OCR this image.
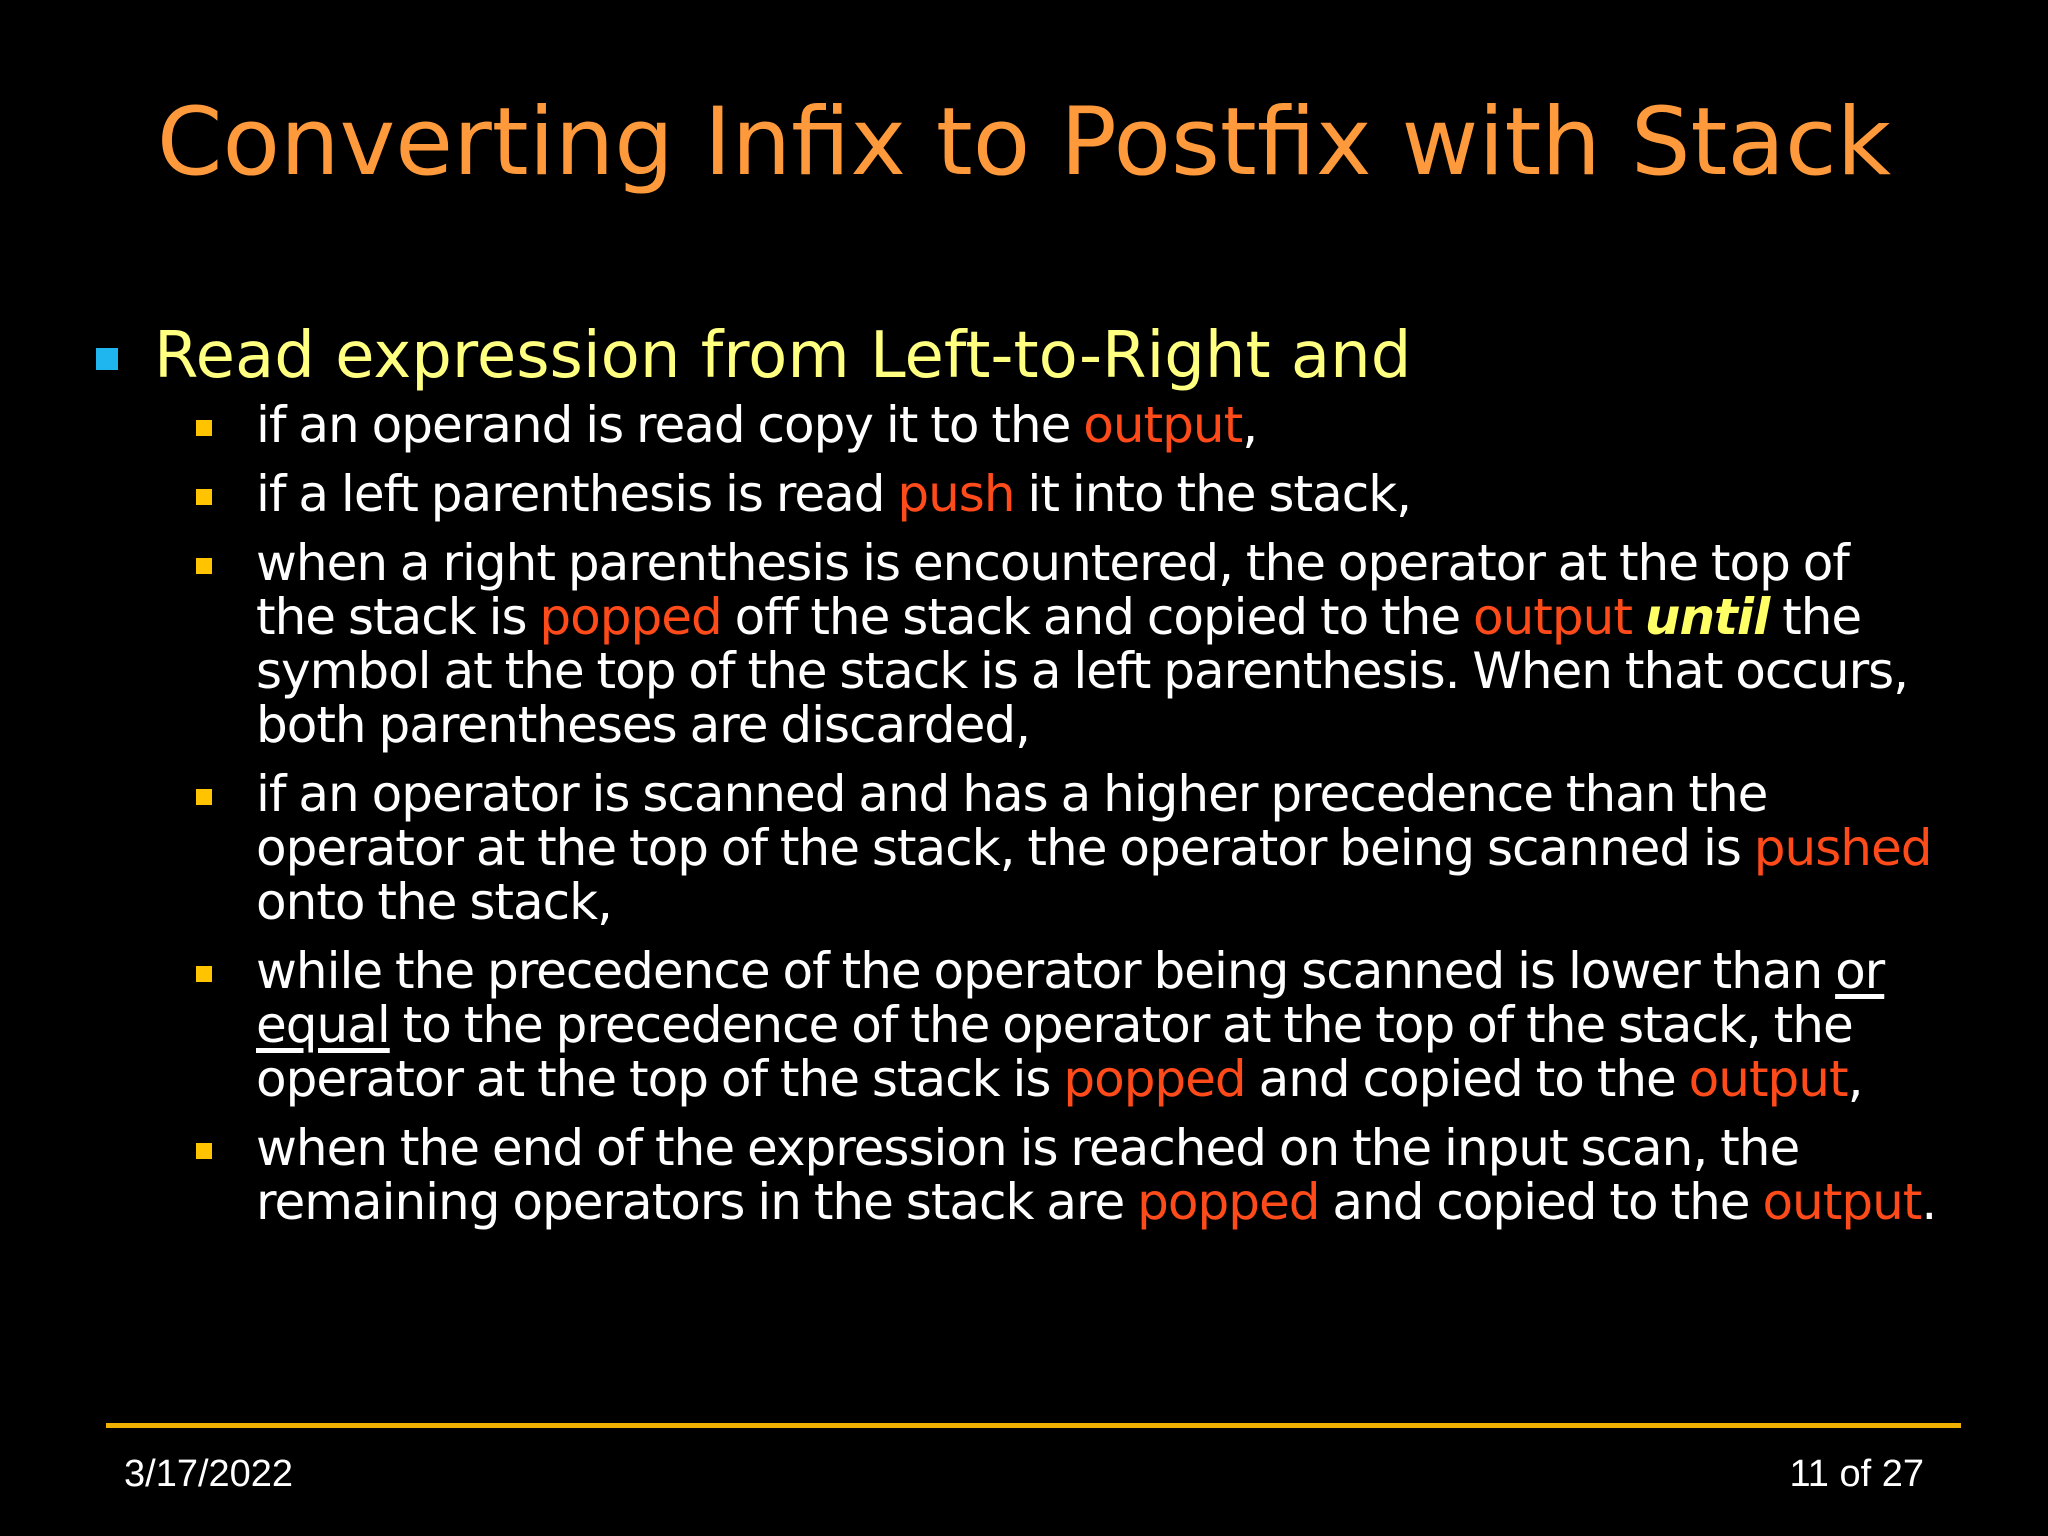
Converting Infix to Postfix with Stack
Read expression from Left-to-Right and
if an operand is read copy it to the output,
if a left parenthesis is read push it into the stack,
when a right parenthesis is encountered, the operator at the top of
the stack is popped off the stack and copied to the output until the
symbol at the top of the stack is a left parenthesis. When that occurs,
both parentheses are discarded,
if an operator is scanned and has a higher precedence than the
operator at the top of the stack, the operator being scanned is pushed
onto the stack,
while the precedence of the operator being scanned is lower than or
equal to the precedence of the operator at the top of the stack, the
operator at the top of the stack is popped and copied to the output,
when the end of the expression is reached on the input scan, the
remaining operators in the stack are popped and copied to the output.
3/17/2022	11 of 27
